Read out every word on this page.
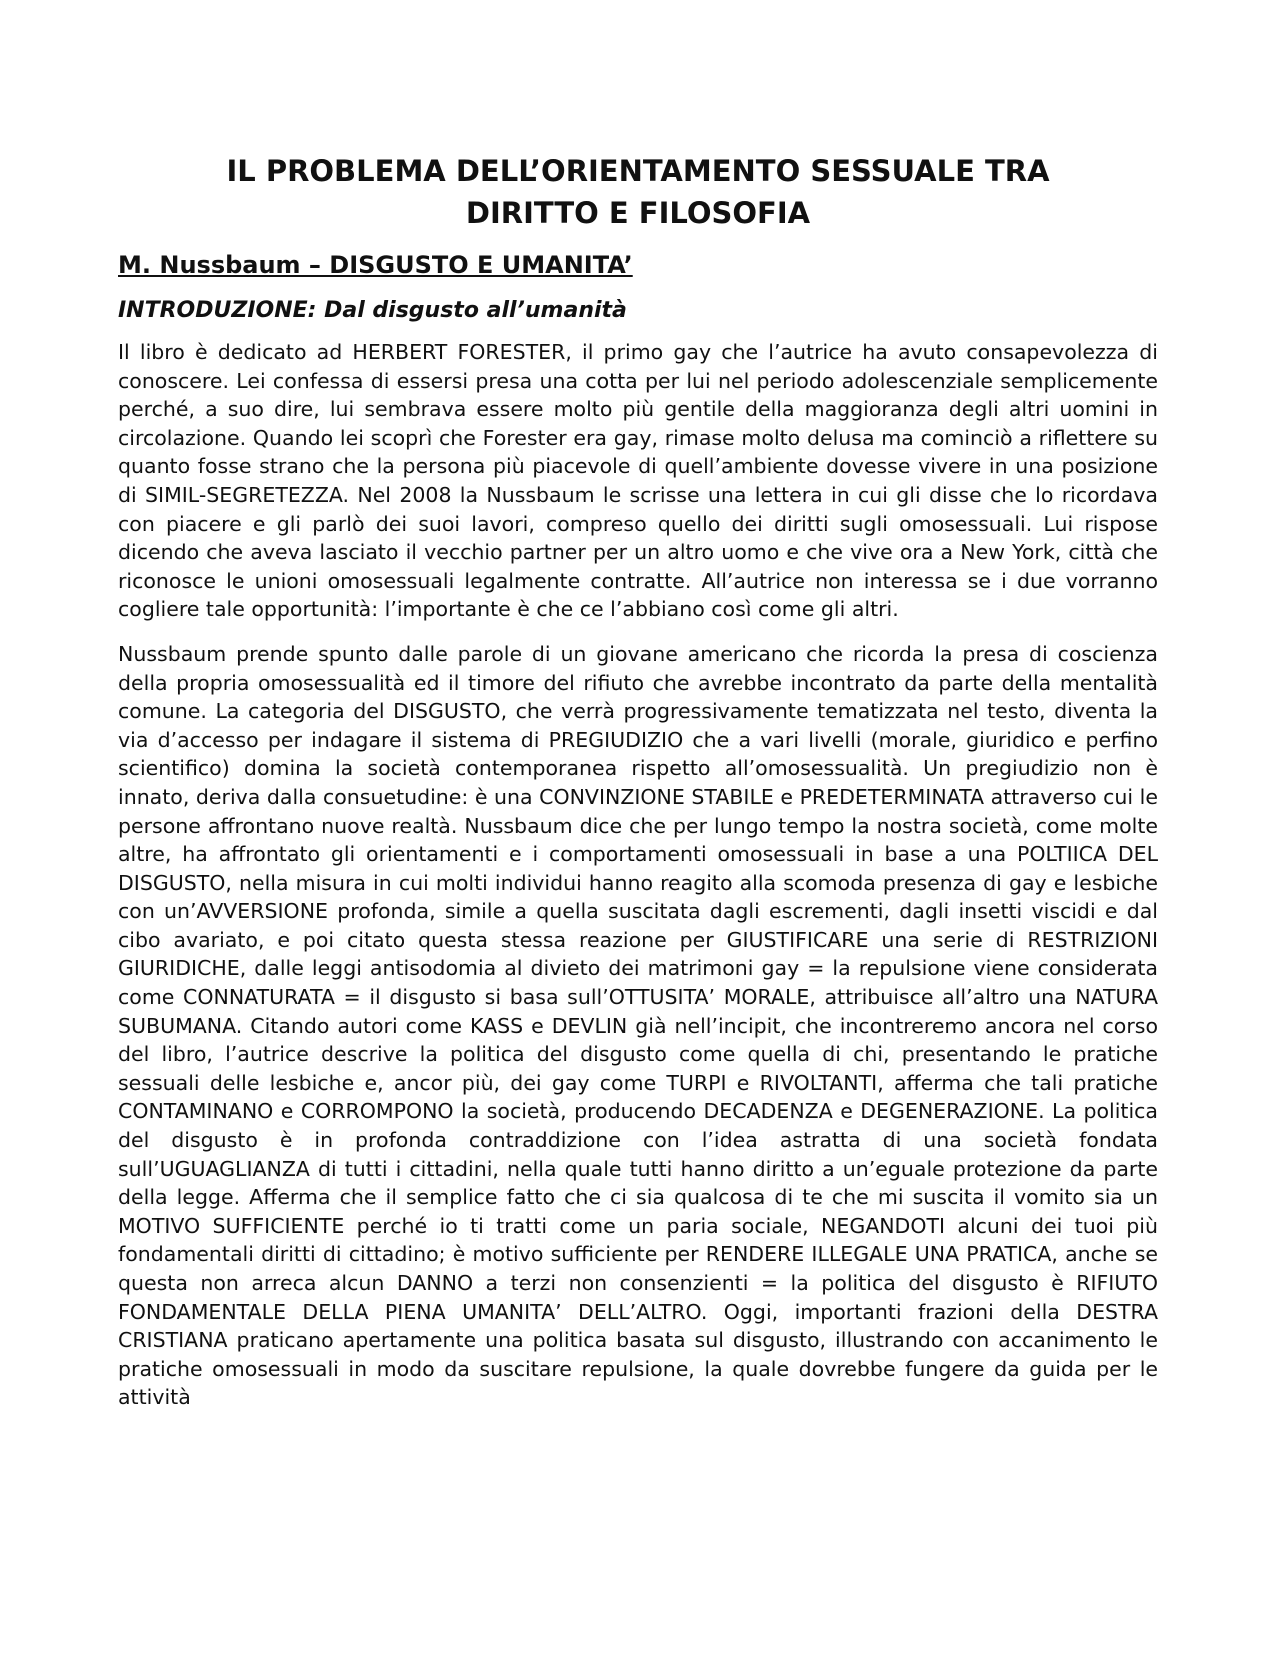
IL PROBLEMA DELL’ORIENTAMENTO SESSUALE TRA
DIRITTO E FILOSOFIA
M. Nussbaum – DISGUSTO E UMANITA’
INTRODUZIONE: Dal disgusto all’umanità

Il libro è dedicato ad HERBERT FORESTER, il primo gay che l’autrice ha avuto consapevolezza di conoscere. Lei confessa di essersi presa una cotta per lui nel periodo adolescenziale semplicemente perché, a suo dire, lui sembrava essere molto più gentile della maggioranza degli altri uomini in circolazione. Quando lei scoprì che Forester era gay, rimase molto delusa ma cominciò a riflettere su quanto fosse strano che la persona più piacevole di quell’ambiente dovesse vivere in una posizione di SIMIL-SEGRETEZZA. Nel 2008 la Nussbaum le scrisse una lettera in cui gli disse che lo ricordava con piacere e gli parlò dei suoi lavori, compreso quello dei diritti sugli omosessuali. Lui rispose dicendo che aveva lasciato il vecchio partner per un altro uomo e che vive ora a New York, città che riconosce le unioni omosessuali legalmente contratte. All’autrice non interessa se i due vorranno cogliere tale opportunità: l’importante è che ce l’abbiano così come gli altri.

Nussbaum prende spunto dalle parole di un giovane americano che ricorda la presa di coscienza della propria omosessualità ed il timore del rifiuto che avrebbe incontrato da parte della mentalità comune. La categoria del DISGUSTO, che verrà progressivamente tematizzata nel testo, diventa la via d’accesso per indagare il sistema di PREGIUDIZIO che a vari livelli (morale, giuridico e perfino scientifico) domina la società contemporanea rispetto all’omosessualità. Un pregiudizio non è innato, deriva dalla consuetudine: è una CONVINZIONE STABILE e PREDETERMINATA attraverso cui le persone affrontano nuove realtà. Nussbaum dice che per lungo tempo la nostra società, come molte altre, ha affrontato gli orientamenti e i comportamenti omosessuali in base a una POLTIICA DEL DISGUSTO, nella misura in cui molti individui hanno reagito alla scomoda presenza di gay e lesbiche con un’AVVERSIONE profonda, simile a quella suscitata dagli escrementi, dagli insetti viscidi e dal cibo avariato, e poi citato questa stessa reazione per GIUSTIFICARE una serie di RESTRIZIONI GIURIDICHE, dalle leggi antisodomia al divieto dei matrimoni gay = la repulsione viene considerata come CONNATURATA = il disgusto si basa sull’OTTUSITA’ MORALE, attribuisce all’altro una NATURA SUBUMANA. Citando autori come KASS e DEVLIN già nell’incipit, che incontreremo ancora nel corso del libro, l’autrice descrive la politica del disgusto come quella di chi, presentando le pratiche sessuali delle lesbiche e, ancor più, dei gay come TURPI e RIVOLTANTI, afferma che tali pratiche CONTAMINANO e CORROMPONO la società, producendo DECADENZA e DEGENERAZIONE. La politica del disgusto è in profonda contraddizione con l’idea astratta di una società fondata sull’UGUAGLIANZA di tutti i cittadini, nella quale tutti hanno diritto a un’eguale protezione da parte della legge. Afferma che il semplice fatto che ci sia qualcosa di te che mi suscita il vomito sia un MOTIVO SUFFICIENTE perché io ti tratti come un paria sociale, NEGANDOTI alcuni dei tuoi più fondamentali diritti di cittadino; è motivo sufficiente per RENDERE ILLEGALE UNA PRATICA, anche se questa non arreca alcun DANNO a terzi non consenzienti = la politica del disgusto è RIFIUTO FONDAMENTALE DELLA PIENA UMANITA’ DELL’ALTRO. Oggi, importanti frazioni della DESTRA CRISTIANA praticano apertamente una politica basata sul disgusto, illustrando con accanimento le pratiche omosessuali in modo da suscitare repulsione, la quale dovrebbe fungere da guida per le attività
